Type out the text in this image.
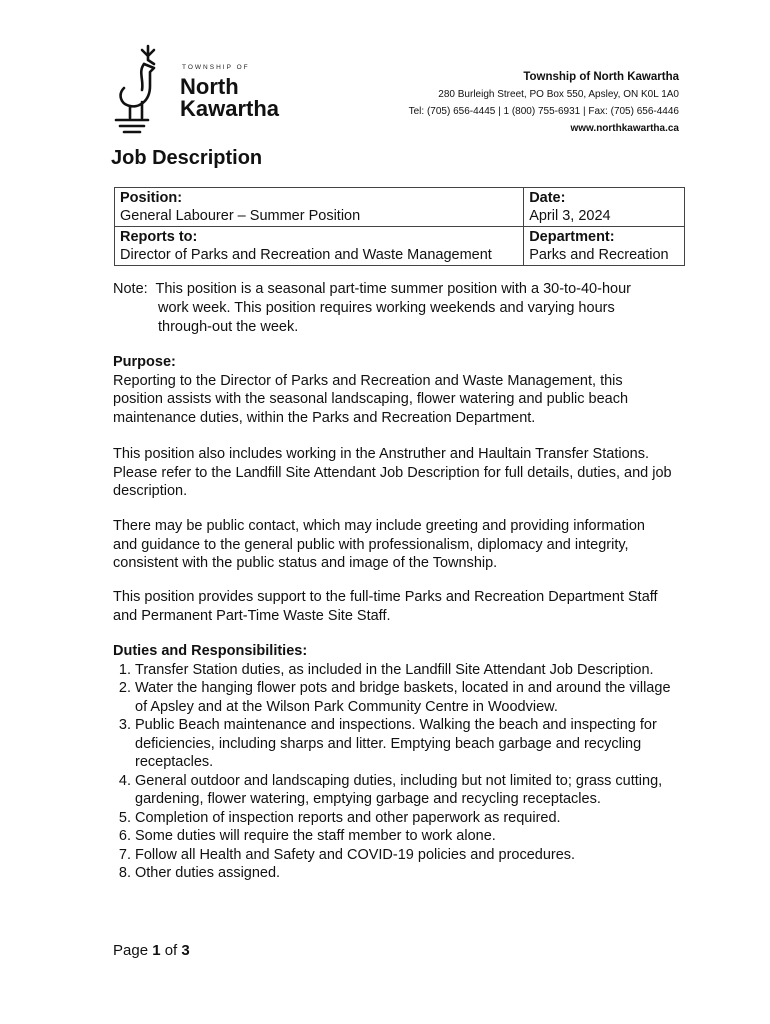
TOWNSHIP OF
North
Kawartha
Township of North Kawartha
280 Burleigh Street, PO Box 550, Apsley, ON K0L 1A0
Tel: (705) 656-4445 | 1 (800) 755-6931 | Fax: (705) 656-4446
www.northkawartha.ca
Job Description
Position:
General Labourer – Summer Position	Date:
April 3, 2024

Reports to:
Director of Parks and Recreation and Waste Management	Department:
Parks and Recreation
Note: This position is a seasonal part-time summer position with a 30-to-40-hour
work week. This position requires working weekends and varying hours
through-out the week.
Purpose:
Reporting to the Director of Parks and Recreation and Waste Management, this position assists with the seasonal landscaping, flower watering and public beach maintenance duties, within the Parks and Recreation Department.
This position also includes working in the Anstruther and Haultain Transfer Stations. Please refer to the Landfill Site Attendant Job Description for full details, duties, and job description.
There may be public contact, which may include greeting and providing information and guidance to the general public with professionalism, diplomacy and integrity, consistent with the public status and image of the Township.
This position provides support to the full-time Parks and Recreation Department Staff and Permanent Part-Time Waste Site Staff.
Duties and Responsibilities:
1. Transfer Station duties, as included in the Landfill Site Attendant Job Description.
2. Water the hanging flower pots and bridge baskets, located in and around the village of Apsley and at the Wilson Park Community Centre in Woodview.
3. Public Beach maintenance and inspections. Walking the beach and inspecting for deficiencies, including sharps and litter. Emptying beach garbage and recycling receptacles.
4. General outdoor and landscaping duties, including but not limited to; grass cutting, gardening, flower watering, emptying garbage and recycling receptacles.
5. Completion of inspection reports and other paperwork as required.
6. Some duties will require the staff member to work alone.
7. Follow all Health and Safety and COVID-19 policies and procedures.
8. Other duties assigned.
Page 1 of 3
